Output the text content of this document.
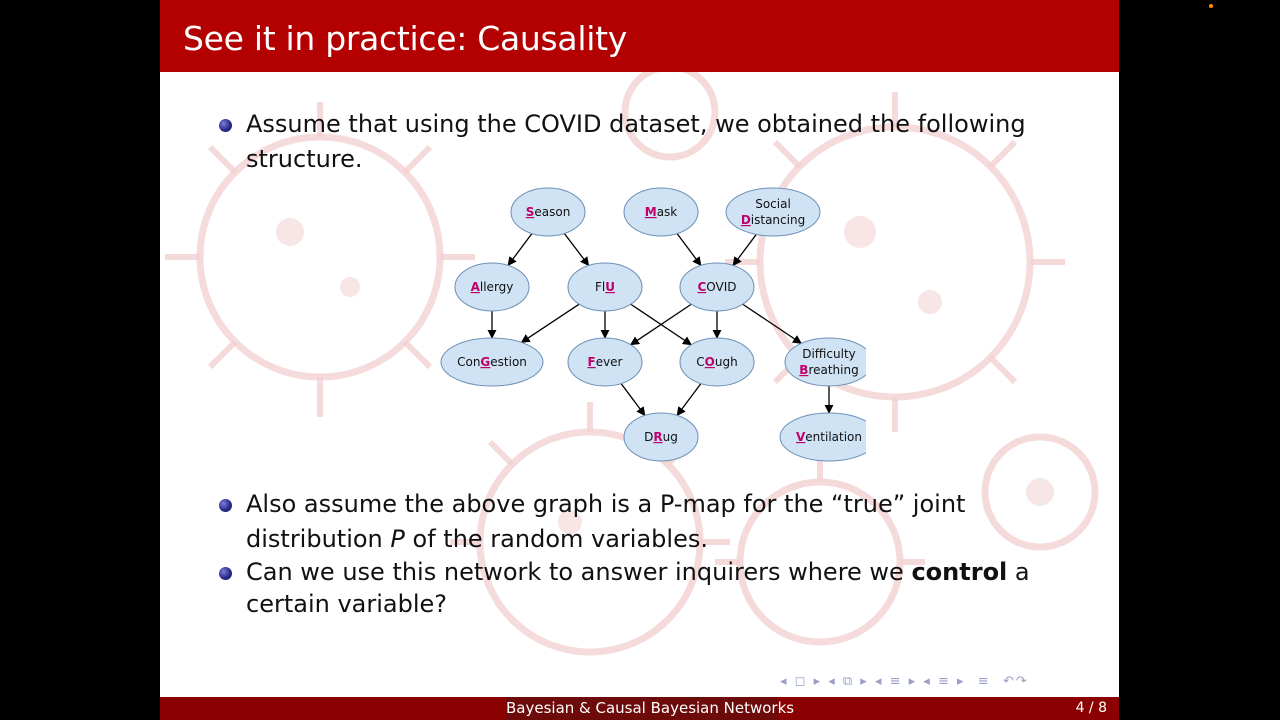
See it in practice: Causality
Assume that using the COVID dataset, we obtained the following structure.
Season	Mask
Social
Distancing
Allergy	FlU	COVID
ConGestion	Fever	COugh
Difficulty
Breathing
DRug	Ventilation
Also assume the above graph is a P-map for the “true” joint distribution P of the random variables.
Can we use this network to answer inquirers where we control a certain variable?
◂ ◻ ▸ ◂ ⧉ ▸ ◂ ≡ ▸ ◂ ≡ ▸  ≡  ↶↷
Bayesian & Causal Bayesian Networks	4 / 8
